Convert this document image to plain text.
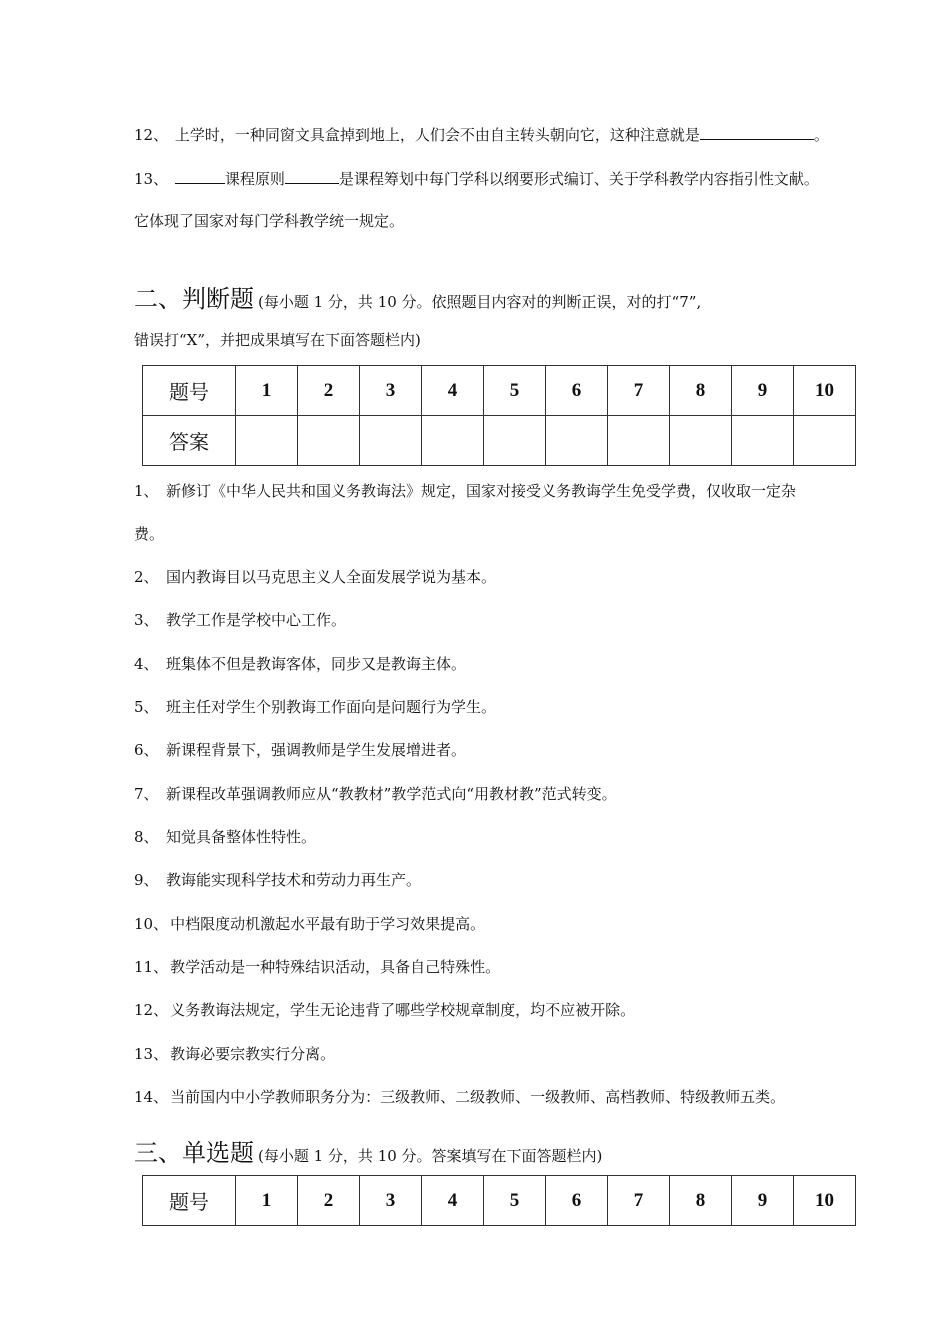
12、 上学时，一种同窗文具盒掉到地上，人们会不由自主转头朝向它，这种注意就是	。
13、	课程原则	是课程筹划中每门学科以纲要形式编订、关于学科教学内容指引性文献。
它体现了国家对每门学科教学统一规定。
二、判断题 (每小题 1 分，共 10 分。依照题目内容对的判断正误，对的打“7”,
错误打“X”，并把成果填写在下面答题栏内)
题号	1	2	3	4	5	6	7	8	9	10
答案										
1、 新修订《中华人民共和国义务教诲法》规定，国家对接受义务教诲学生免受学费，仅收取一定杂
费。
2、 国内教诲目以马克思主义人全面发展学说为基本。
3、 教学工作是学校中心工作。
4、 班集体不但是教诲客体，同步又是教诲主体。
5、 班主任对学生个别教诲工作面向是问题行为学生。
6、 新课程背景下，强调教师是学生发展增进者。
7、 新课程改革强调教师应从“教教材”教学范式向“用教材教”范式转变。
8、 知觉具备整体性特性。
9、 教诲能实现科学技术和劳动力再生产。
10、 中档限度动机激起水平最有助于学习效果提高。
11、 教学活动是一种特殊结识活动，具备自己特殊性。
12、 义务教诲法规定，学生无论违背了哪些学校规章制度，均不应被开除。
13、 教诲必要宗教实行分离。
14、 当前国内中小学教师职务分为：三级教师、二级教师、一级教师、高档教师、特级教师五类。
三、单选题 (每小题 1 分，共 10 分。答案填写在下面答题栏内)
题号	1	2	3	4	5	6	7	8	9	10
